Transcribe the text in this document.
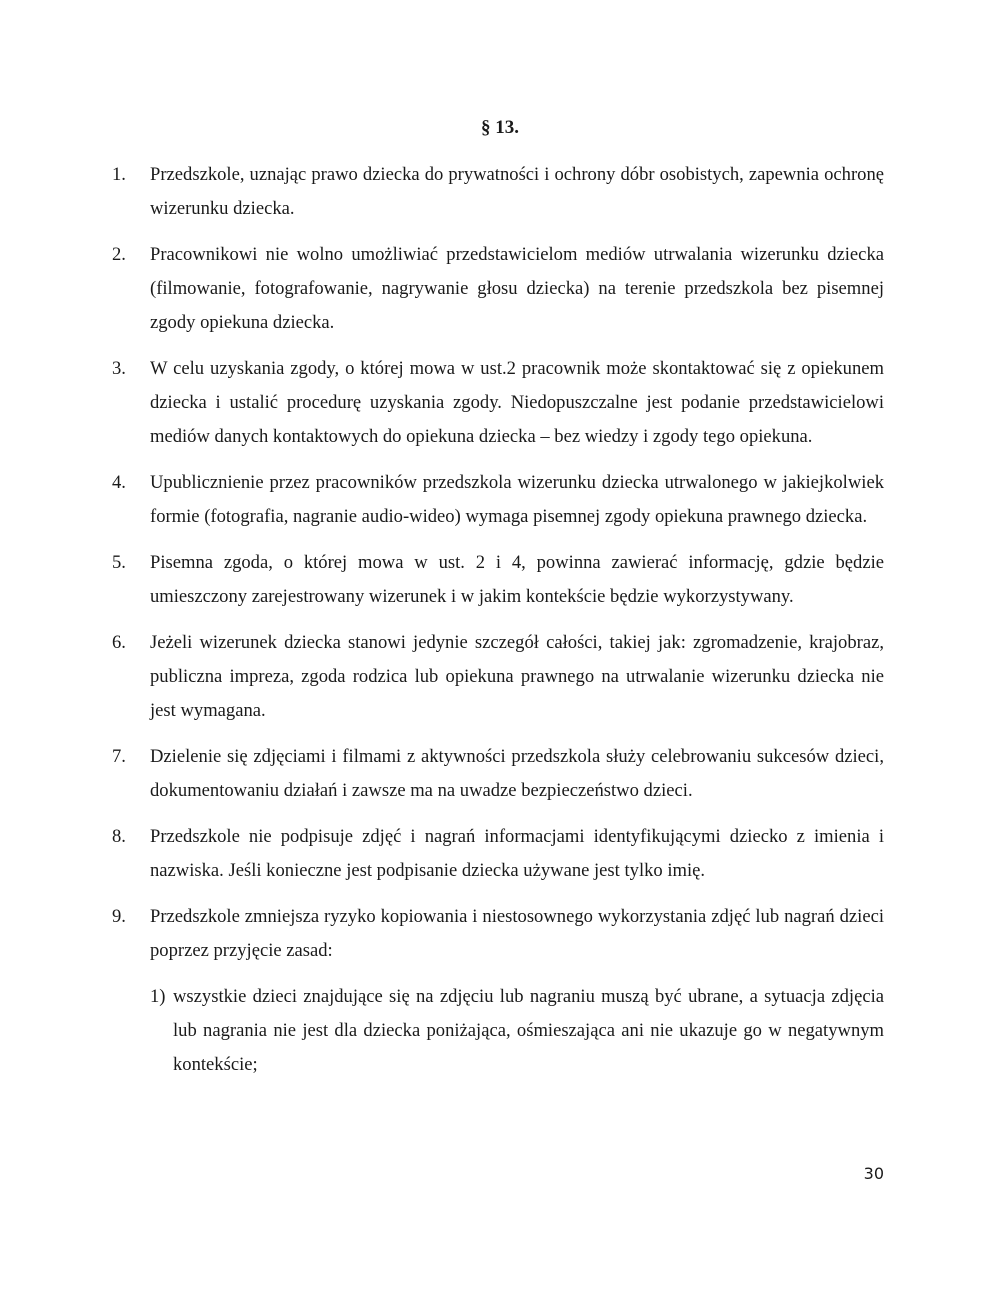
§ 13.
1. Przedszkole, uznając prawo dziecka do prywatności i ochrony dóbr osobistych, zapewnia ochronę wizerunku dziecka.
2. Pracownikowi nie wolno umożliwiać przedstawicielom mediów utrwalania wizerunku dziecka (filmowanie, fotografowanie, nagrywanie głosu dziecka) na terenie przedszkola bez pisemnej zgody opiekuna dziecka.
3. W celu uzyskania zgody, o której mowa w ust.2 pracownik może skontaktować się z opiekunem dziecka i ustalić procedurę uzyskania zgody. Niedopuszczalne jest podanie przedstawicielowi mediów danych kontaktowych do opiekuna dziecka – bez wiedzy i zgody tego opiekuna.
4. Upublicznienie przez pracowników przedszkola wizerunku dziecka utrwalonego w jakiejkolwiek formie (fotografia, nagranie audio-wideo) wymaga pisemnej zgody opiekuna prawnego dziecka.
5. Pisemna zgoda, o której mowa w ust. 2 i 4, powinna zawierać informację, gdzie będzie umieszczony zarejestrowany wizerunek i w jakim kontekście będzie wykorzystywany.
6. Jeżeli wizerunek dziecka stanowi jedynie szczegół całości, takiej jak: zgromadzenie, krajobraz, publiczna impreza, zgoda rodzica lub opiekuna prawnego na utrwalanie wizerunku dziecka nie jest wymagana.
7. Dzielenie się zdjęciami i filmami z aktywności przedszkola służy celebrowaniu sukcesów dzieci, dokumentowaniu działań i zawsze ma na uwadze bezpieczeństwo dzieci.
8. Przedszkole nie podpisuje zdjęć i nagrań informacjami identyfikującymi dziecko z imienia i nazwiska. Jeśli konieczne jest podpisanie dziecka używane jest tylko imię.
9. Przedszkole zmniejsza ryzyko kopiowania i niestosownego wykorzystania zdjęć lub nagrań dzieci poprzez przyjęcie zasad:
1) wszystkie dzieci znajdujące się na zdjęciu lub nagraniu muszą być ubrane, a sytuacja zdjęcia lub nagrania nie jest dla dziecka poniżająca, ośmieszająca ani nie ukazuje go w negatywnym kontekście;
30
